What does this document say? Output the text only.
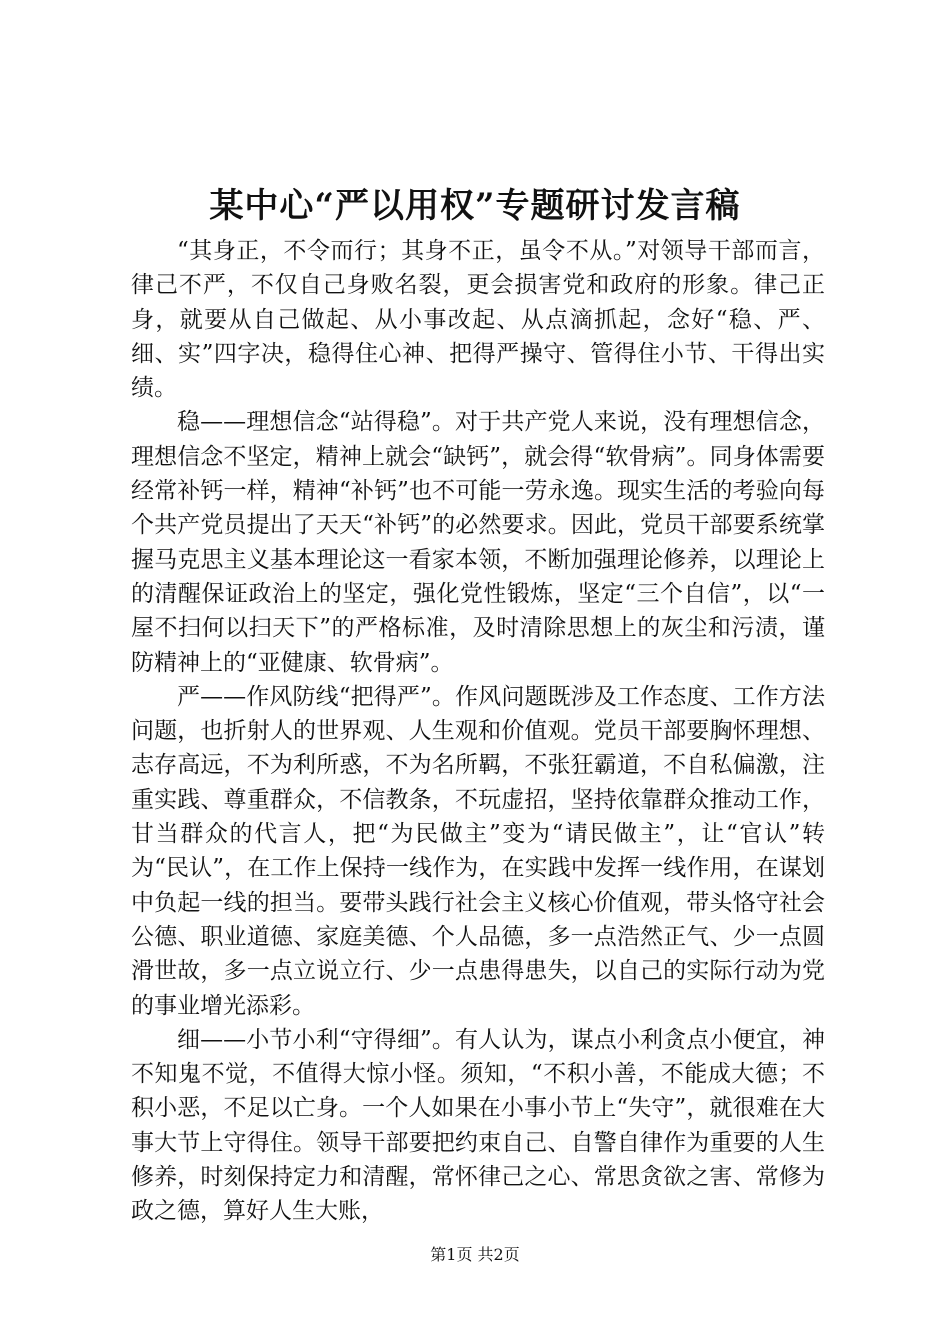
某中心“严以用权”专题研讨发言稿

“其身正，不令而行；其身不正，虽令不从。”对领导干部而言，律己不严，不仅自己身败名裂，更会损害党和政府的形象。律己正身，就要从自己做起、从小事改起、从点滴抓起，念好“稳、严、细、实”四字决，稳得住心神、把得严操守、管得住小节、干得出实绩。

稳——理想信念“站得稳”。对于共产党人来说，没有理想信念，理想信念不坚定，精神上就会“缺钙”，就会得“软骨病”。同身体需要经常补钙一样，精神“补钙”也不可能一劳永逸。现实生活的考验向每个共产党员提出了天天“补钙”的必然要求。因此，党员干部要系统掌握马克思主义基本理论这一看家本领，不断加强理论修养，以理论上的清醒保证政治上的坚定，强化党性锻炼，坚定“三个自信”，以“一屋不扫何以扫天下”的严格标准，及时清除思想上的灰尘和污渍，谨防精神上的“亚健康、软骨病”。

严——作风防线“把得严”。作风问题既涉及工作态度、工作方法问题，也折射人的世界观、人生观和价值观。党员干部要胸怀理想、志存高远，不为利所惑，不为名所羁，不张狂霸道，不自私偏激，注重实践、尊重群众，不信教条，不玩虚招，坚持依靠群众推动工作，甘当群众的代言人，把“为民做主”变为“请民做主”，让“官认”转为“民认”，在工作上保持一线作为，在实践中发挥一线作用，在谋划中负起一线的担当。要带头践行社会主义核心价值观，带头恪守社会公德、职业道德、家庭美德、个人品德，多一点浩然正气、少一点圆滑世故，多一点立说立行、少一点患得患失，以自己的实际行动为党的事业增光添彩。

细——小节小利“守得细”。有人认为，谋点小利贪点小便宜，神不知鬼不觉，不值得大惊小怪。须知，“不积小善，不能成大德；不积小恶，不足以亡身。一个人如果在小事小节上“失守”，就很难在大事大节上守得住。领导干部要把约束自己、自警自律作为重要的人生修养，时刻保持定力和清醒，常怀律己之心、常思贪欲之害、常修为政之德，算好人生大账，

第1页 共2页
